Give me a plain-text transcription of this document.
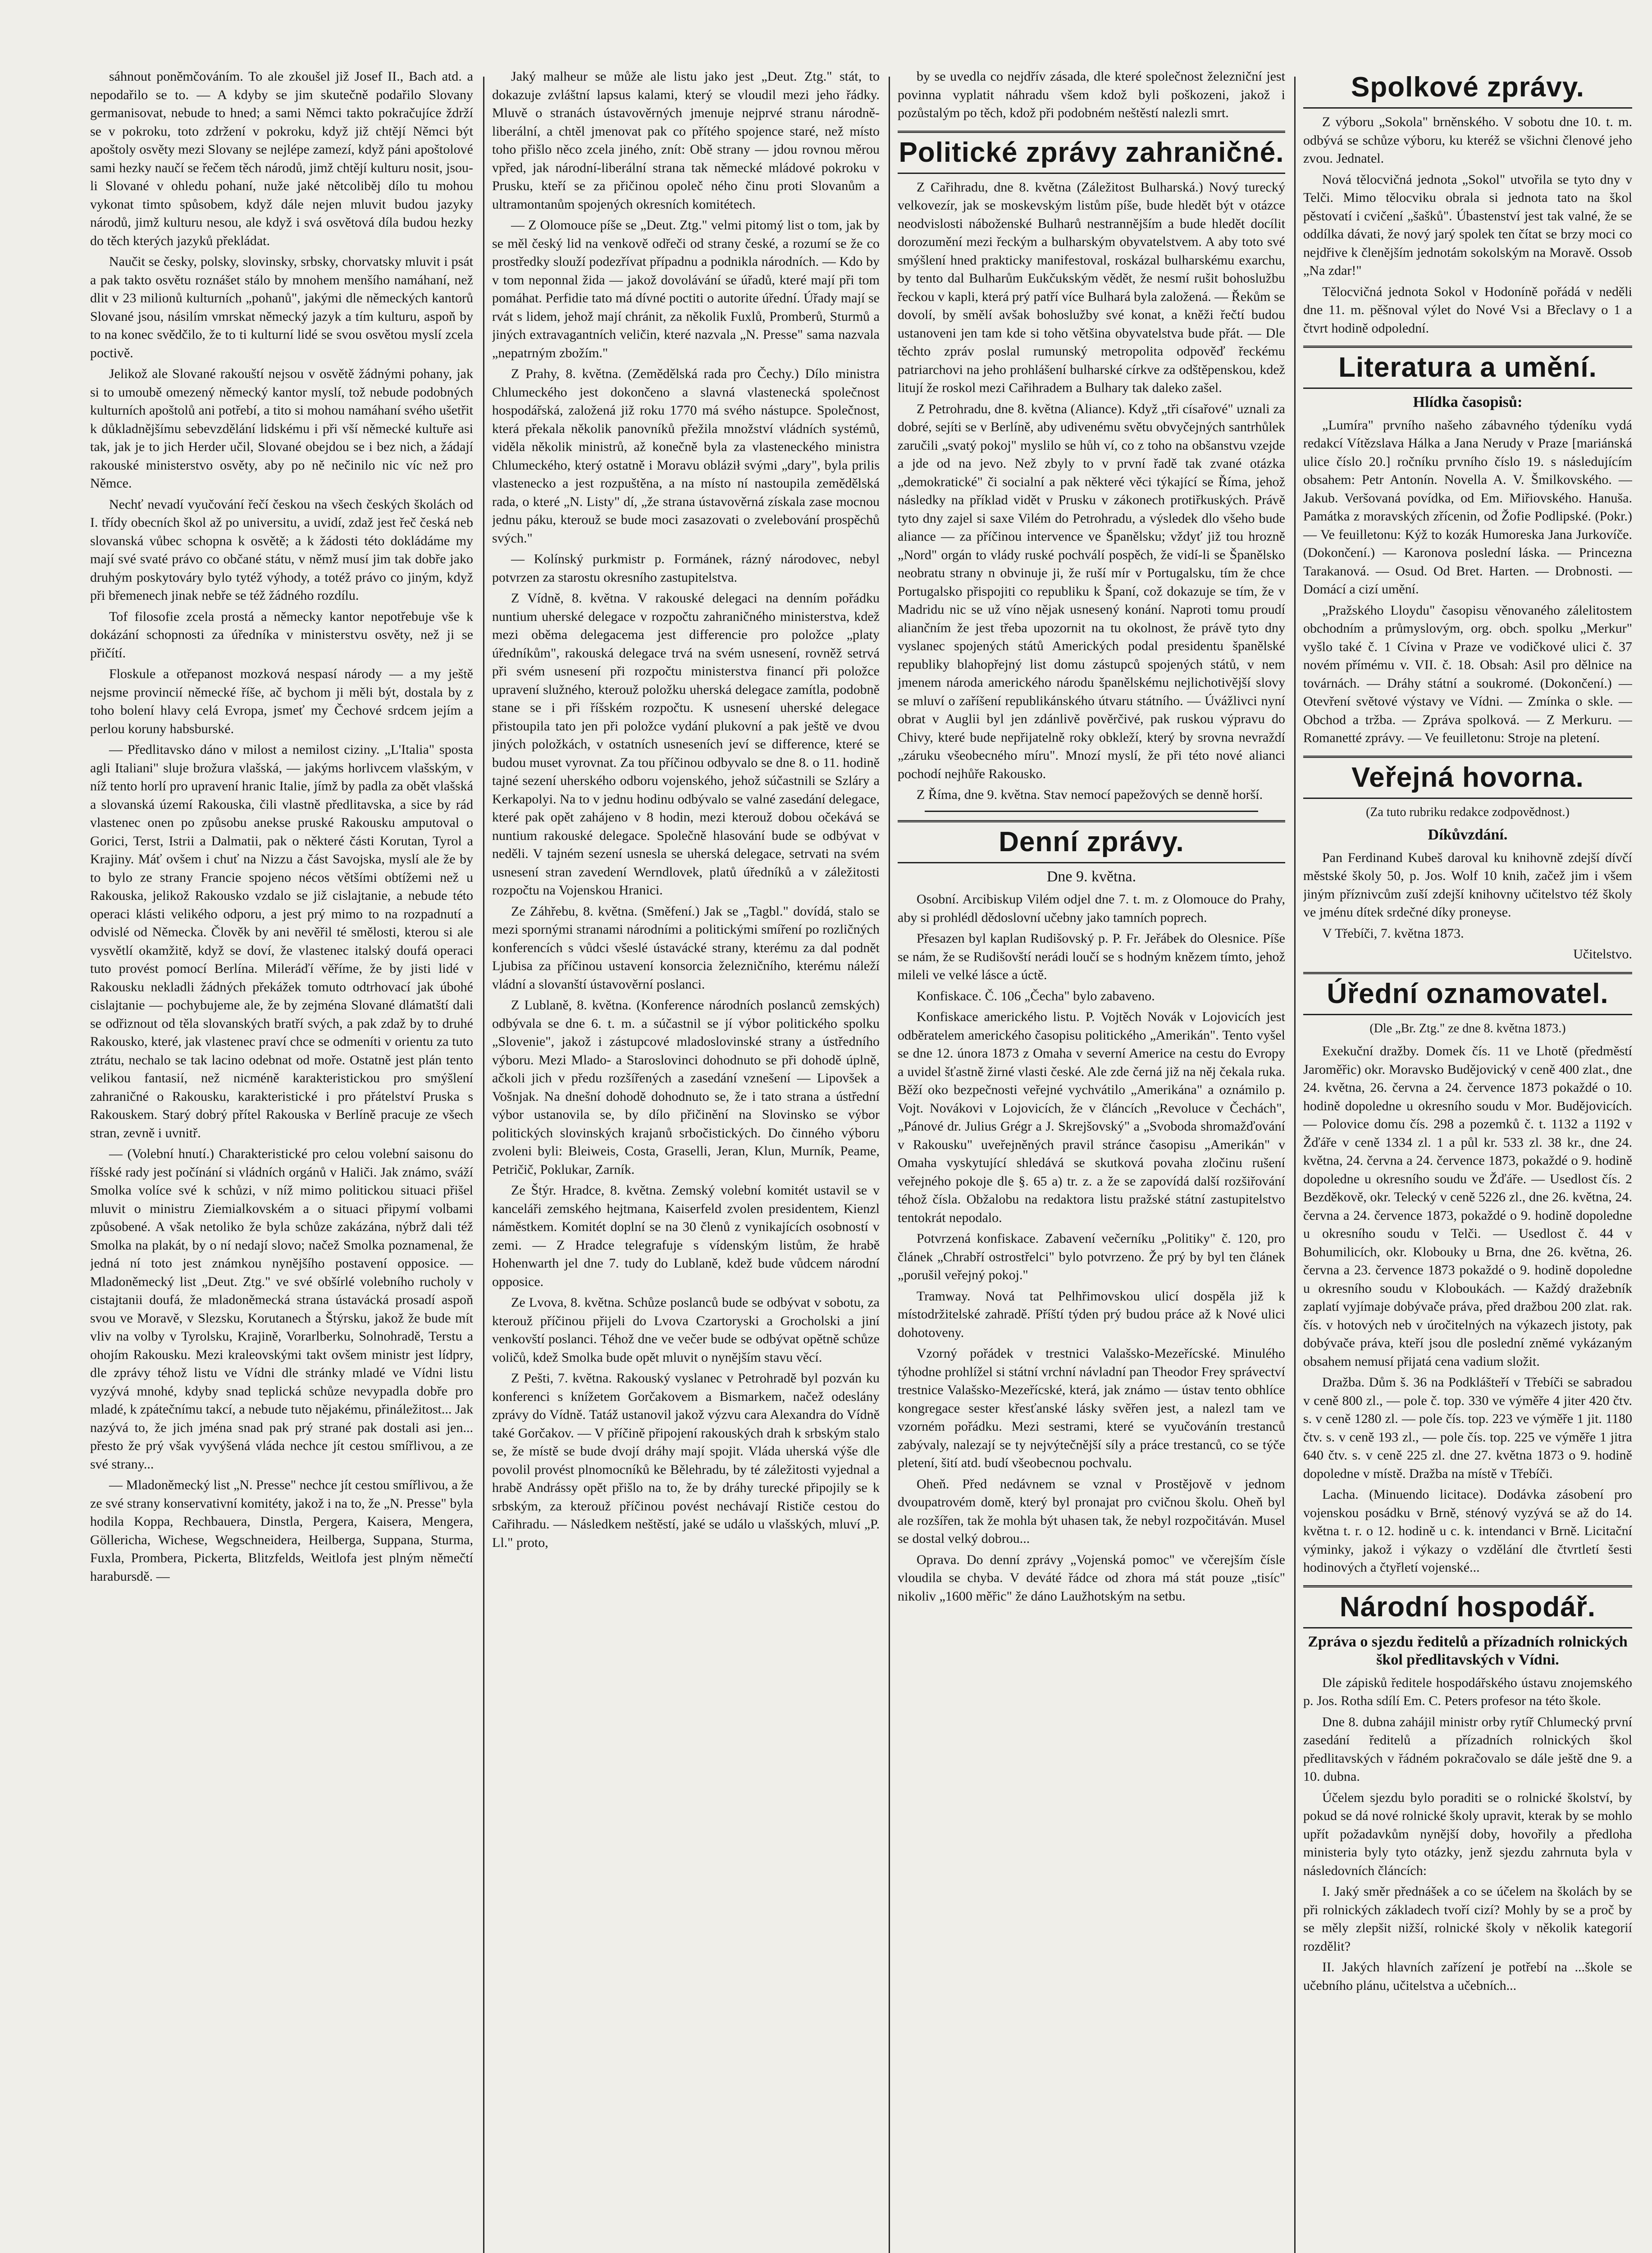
sáhnout poněmčováním. To ale zkoušel již Josef II., Bach atd. a nepodařilo se to. — A kdyby se jim skutečně podařilo Slovany germanisovat, nebude to hned; a sami Němci takto pokračujíce ždrží se v pokroku, toto zdržení v pokroku, když již chtějí Němci být apoštoly osvěty mezi Slovany se nejlépe zamezí, když páni apoštolové sami hezky naučí se řečem těch národů, jimž chtějí kulturu nosit, jsou-li Slované v ohledu pohaní, nuže jaké nětcoliběj dílo tu mohou vykonat timto spůsobem, když dále nejen mluvit budou jazyky národů, jimž kulturu nesou, ale když i svá osvětová díla budou hezky do těch kterých jazyků překládat.

Naučit se česky, polsky, slovinsky, srbsky, chorvatsky mluvit i psát a pak takto osvětu roznášet stálo by mnohem menšího namáhaní, než dlit v 23 milionů kulturních „pohanů", jakými dle německých kantorů Slované jsou, násilím vmrskat německý jazyk a tím kulturu, aspoň by to na konec svědčilo, že to ti kulturní lidé se svou osvětou myslí zcela poctivě.

Jelikož ale Slované rakouští nejsou v osvětě žádnými pohany, jak si to umoubě omezený německý kantor myslí, tož nebude podobných kulturních apoštolů ani potřebí, a tito si mohou namáhaní svého ušetřit k důkladnějšímu sebevzdělání lidskému i při vší německé kultuře asi tak, jak je to jich Herder učil, Slované obejdou se i bez nich, a žádají rakouské ministerstvo osvěty, aby po ně nečinilo nic víc než pro Němce.

Nechť nevadí vyučování řečí českou na všech českých školách od I. třídy obecních škol až po universitu, a uvidí, zdaž jest řeč česká neb slovanská vůbec schopna k osvětě; a k žádosti této dokládáme my mají své svaté právo co občané státu, v němž musí jim tak dobře jako druhým poskytováry bylo tytéž výhody, a totéž právo co jiným, když při břemenech jinak nebře se též žádného rozdílu.

Tof filosofie zcela prostá a německy kantor nepotřebuje vše k dokázání schopnosti za úředníka v ministerstvu osvěty, než ji se přičítí.

Floskule a otřepanost mozková nespasí národy — a my ještě nejsme provincií německé říše, ač bychom ji měli být, dostala by z toho bolení hlavy celá Evropa, jsmeť my Čechové srdcem jejím a perlou koruny habsburské.

— Předlitavsko dáno v milost a nemilost ciziny. „L'Italia" sposta agli Italiani" sluje brožura vlašská, — jakýms horlivcem vlašským, v níž tento horlí pro upravení hranic Italie, jímž by padla za obět vlašská a slovanská území Rakouska, čili vlastně předlitavska, a sice by rád vlastenec onen po způsobu anekse pruské Rakousku amputoval o Gorici, Terst, Istrii a Dalmatii, pak o některé části Korutan, Tyrol a Krajiny. Máť ovšem i chuť na Nizzu a část Savojska, myslí ale že by to bylo ze strany Francie spojeno nécos většími obtížemi než u Rakouska, jelikož Rakousko vzdalo se již cislajtanie, a nebude této operaci klásti velikého odporu, a jest prý mimo to na rozpadnutí a odvislé od Německa. Člověk by ani nevěřil té smělosti, kterou si ale vysvětlí okamžitě, když se doví, že vlastenec italský doufá operaci tuto provést pomocí Berlína. Mileráďí věříme, že by jisti lidé v Rakousku nekladli žádných překážek tomuto odtrhovací jak úbohé cislajtanie — pochybujeme ale, že by zejména Slované dlámatští dali se odřiznout od těla slovanských bratří svých, a pak zdaž by to druhé Rakousko, které, jak vlastenec praví chce se odmeníti v orientu za tuto ztrátu, nechalo se tak lacino odebnat od moře. Ostatně jest plán tento velikou fantasií, než nicméně karakteristickou pro smýšlení zahraničné o Rakousku, karakteristické i pro přátelství Pruska s Rakouskem. Starý dobrý přítel Rakouska v Berlíně pracuje ze všech stran, zevně i uvnitř.

— (Volební hnutí.) Charakteristické pro celou volební saisonu do říšské rady jest počínání si vládních orgánů v Haliči. Jak známo, sváží Smolka volíce své k schůzi, v níž mimo politickou situaci přišel mluvit o ministru Ziemialkovském a o situaci připymí volbami způsobené. A však netoliko že byla schůze zakázána, nýbrž dali též Smolka na plakát, by o ní nedají slovo; načež Smolka poznamenal, že jedná ní toto jest známkou nynějšího postavení opposice. — Mladoněmecký list „Deut. Ztg." ve své obšírlé volebního rucholy v cistajtanii doufá, že mladoněmecká strana ústavácká prosadí aspoň svou ve Moravě, v Slezsku, Korutanech a Štýrsku, jakož že bude mít vliv na volby v Tyrolsku, Krajině, Vorarlberku, Solnohradě, Terstu a ohojím Rakousku. Mezi kraleovskými takt ovšem ministr jest lídpry, dle zprávy téhož listu ve Vídni dle stránky mladé ve Vídni listu vyzývá mnohé, kdyby snad teplická schůze nevypadla dobře pro mladé, k zpátečnímu takcí, a nebude tuto nějakému, přináležitost... Jak nazývá to, že jich jména snad pak prý strané pak dostali asi jen... přesto že prý však vyvýšená vláda nechce jít cestou smířlivou, a ze své strany...

— Mladoněmecký list „N. Presse" nechce jít cestou smířlivou, a že ze své strany konservativní komitéty, jakož i na to, že „N. Presse" byla hodila Koppa, Rechbauera, Dinstla, Pergera, Kaisera, Mengera, Göllericha, Wichese, Wegschneidera, Heilberga, Suppana, Sturma, Fuxla, Prombera, Pickerta, Blitzfelds, Weitlofa jest plným němečtí harabursdě. —

Jaký malheur se může ale listu jako jest „Deut. Ztg." stát, to dokazuje zvláštní lapsus kalami, který se vloudil mezi jeho řádky. Mluvě o stranách ústavověrných jmenuje nejprvé stranu národně-liberální, a chtěl jmenovat pak co přítého spojence staré, než místo toho přišlo něco zcela jiného, znít: Obě strany — jdou rovnou měrou vpřed, jak národní-liberální strana tak německé mládové pokroku v Prusku, kteří se za přičinou opoleč ného činu proti Slovanům a ultramontanům spojených okresních komitétech.

— Z Olomouce píše se „Deut. Ztg." velmi pitomý list o tom, jak by se měl český lid na venkově odřeči od strany české, a rozumí se že co prostředky slouží podezřívat případnu a podnikla národních. — Kdo by v tom neponnal žida — jakož dovolávání se úřadů, které mají při tom pomáhat. Perfidie tato má dívné poctiti o autorite úřední. Úřady mají se rvát s lidem, jehož mají chránit, za několik Fuxlů, Promberů, Sturmů a jiných extravagantních veličin, které nazvala „N. Presse" sama nazvala „nepatrným zbožím."

Z Prahy, 8. května. (Zemědělská rada pro Čechy.) Dílo ministra Chlumeckého jest dokončeno a slavná vlastenecká společnost hospodářská, založená již roku 1770 má svého nástupce. Společnost, která překala několik panovníků přežila množství vládních systémů, viděla několik ministrů, až konečně byla za vlasteneckého ministra Chlumeckého, který ostatně i Moravu obláził svými „dary", byla prilis vlastenecko a jest rozpuštěna, a na místo ní nastoupila zemědělská rada, o které „N. Listy" dí, „že strana ústavověrná získala zase mocnou jednu páku, kterouž se bude moci zasazovati o zvelebování prospěchů svých."

— Kolínský purkmistr p. Formánek, rázný národovec, nebyl potvrzen za starostu okresního zastupitelstva.

Z Vídně, 8. května. V rakouské delegaci na denním pořádku nuntium uherské delegace v rozpočtu zahraničného ministerstva, kdež mezi oběma delegacema jest differencie pro položce „platy úředníkům", rakouská delegace trvá na svém usnesení, rovněž setrvá při svém usnesení při rozpočtu ministerstva financí při položce upravení služného, kterouž položku uherská delegace zamítla, podobně stane se i při říšském rozpočtu. K usnesení uherské delegace přistoupila tato jen při položce vydání plukovní a pak ještě ve dvou jiných položkách, v ostatních usneseních jeví se difference, které se budou muset vyrovnat. Za tou příčinou odbyvalo se dne 8. o 11. hodině tajné sezení uherského odboru vojenského, jehož súčastnili se Szláry a Kerkapolyi. Na to v jednu hodinu odbývalo se valné zasedání delegace, které pak opět zahájeno v 8 hodin, mezi kterouž dobou očekává se nuntium rakouské delegace. Společně hlasování bude se odbývat v neděli. V tajném sezení usnesla se uherská delegace, setrvati na svém usnesení stran zavedení Werndlovek, platů úředníků a v záležitosti rozpočtu na Vojenskou Hranici.

Ze Záhřebu, 8. května. (Směfení.) Jak se „Tagbl." dovídá, stalo se mezi spornými stranami národními a politickými smíření po rozličných konferencích s vůdci všeslé ústavácké strany, kterému za dal podnět Ljubisa za příčinou ustavení konsorcia železničního, kterému náleží vládní a slovanští ústavověrní poslanci.

Z Lublaně, 8. května. (Konference národních poslanců zemských) odbývala se dne 6. t. m. a súčastnil se jí výbor politického spolku „Slovenie", jakož i zástupcové mladoslovinské strany a ústředního výboru. Mezi Mlado- a Staroslovinci dohodnuto se při dohodě úplně, ačkoli jich v předu rozšířených a zasedání vznešení — Lipovšek a Vošnjak. Na dnešní dohodě dohodnuto se, že i tato strana a ústřední výbor ustanovila se, by dílo přičinění na Slovinsko se výbor politických slovinských krajanů srbočistických. Do činného výboru zvoleni byli: Bleiweis, Costa, Graselli, Jeran, Klun, Murník, Peame, Petričič, Poklukar, Zarník.

Ze Štýr. Hradce, 8. května. Zemský volební komitét ustavil se v kanceláři zemského hejtmana, Kaiserfeld zvolen presidentem, Kienzl náměstkem. Komitét doplní se na 30 členů z vynikajících osobností v zemi. — Z Hradce telegrafuje s vídenským listům, že hrabě Hohenwarth jel dne 7. tudy do Lublaně, kdež bude vůdcem národní opposice.

Ze Lvova, 8. května. Schůze poslanců bude se odbývat v sobotu, za kterouž příčinou přijeli do Lvova Czartoryski a Grocholski a jiní venkovští poslanci. Téhož dne ve večer bude se odbývat opětně schůze voličů, kdež Smolka bude opět mluvit o nynějším stavu věcí.

Z Pešti, 7. května. Rakouský vyslanec v Petrohradě byl pozván ku konferenci s knížetem Gorčakovem a Bismarkem, načež odeslány zprávy do Vídně. Tatáž ustanovil jakož výzvu cara Alexandra do Vídně také Gorčakov. — V příčině připojení rakouských drah k srbským stalo se, že místě se bude dvojí dráhy mají spojit. Vláda uherská výše dle povolil provést plnomocníků ke Bělehradu, by té záležitosti vyjednal a hrabě Andrássy opět přišlo na to, že by dráhy turecké připojily se k srbským, za kterouž příčinou povést nechávají Rističe cestou do Cařihradu. — Následkem neštěstí, jaké se událo u vlašských, mluví „P. Ll." proto,

by se uvedla co nejdřív zásada, dle které společnost železniční jest povinna vyplatit náhradu všem kdož byli poškozeni, jakož i pozůstalým po těch, kdož při podobném neštěstí nalezli smrt.

Politické zprávy zahraničné.

Z Cařihradu, dne 8. května (Záležitost Bulharská.) Nový turecký velkovezír, jak se moskevským listům píše, bude hledět být v otázce neodvislosti náboženské Bulharů nestrannějším a bude hledět docílit dorozumění mezi řeckým a bulharským obyvatelstvem. A aby toto své smýšlení hned prakticky manifestoval, roskázal bulharskému exarchu, by tento dal Bulharům Eukčukským vědět, že nesmí rušit bohoslužbu řeckou v kapli, která prý patří více Bulhará byla založená. — Řekům se dovolí, by smělí avšak bohoslužby své konat, a kněži řečtí budou ustanoveni jen tam kde si toho většina obyvatelstva bude přát. — Dle těchto zpráv poslal rumunský metropolita odpověď řeckému patriarchovi na jeho prohlášení bulharské církve za odštěpenskou, kdež litují že roskol mezi Cařihradem a Bulhary tak daleko zašel.

Z Petrohradu, dne 8. května (Aliance). Když „tři císařové" uznali za dobré, sejíti se v Berlíně, aby udivenému světu obvyčejných santrhůlek zaručili „svatý pokoj" myslilo se hůh ví, co z toho na obšanstvu vzejde a jde od na jevo. Než zbyly to v první řadě tak zvané otázka „demokratické" či socialní a pak některé věci týkající se Říma, jehož následky na příklad vidět v Prusku v zákonech protiřkuských. Právě tyto dny zajel si saxe Vilém do Petrohradu, a výsledek dlo všeho bude aliance — za příčinou intervence ve Španělsku; vždyť již tou hrozně „Nord" orgán to vlády ruské pochválí pospěch, že vidí-li se Španělsko neobratu strany n obvinuje ji, že ruší mír v Portugalsku, tím že chce Portugalsko přispojiti co republiku k Španí, což dokazuje se tím, že v Madridu nic se už víno nějak usnesený konání. Naproti tomu proudí aliančním že jest třeba upozornit na tu okolnost, že právě tyto dny vyslanec spojených států Amerických podal presidentu španělské republiky blahopřejný list domu zástupců spojených států, v nem jmenem národa amerického národu španělskému nejlichotivější slovy se mluví o zaříšení republikánského útvaru státního. — Úvážlivci nyní obrat v Auglii byl jen zdánlivě pověrčivé, pak ruskou výpravu do Chivy, které bude nepřijatelně roky obkleží, který by srovna nevraždí „záruku všeobecného míru". Mnozí myslí, že při této nové alianci pochodí nejhůře Rakousko.

Z Říma, dne 9. května. Stav nemocí papežových se denně horší.

Denní zprávy.
Dne 9. května.

Osobní. Arcibiskup Vilém odjel dne 7. t. m. z Olomouce do Prahy, aby si prohlédl dědoslovní učebny jako tamních poprech.

Přesazen byl kaplan Rudišovský p. P. Fr. Jeřábek do Olesnice. Píše se nám, že se Rudišovští nerádi loučí se s hodným knězem tímto, jehož mileli ve velké lásce a úctě.

Konfiskace. Č. 106 „Čecha" bylo zabaveno.

Konfiskace amerického listu. P. Vojtěch Novák v Lojovicích jest odběratelem amerického časopisu politického „Amerikán". Tento vyšel se dne 12. února 1873 z Omaha v severní Americe na cestu do Evropy a uvidel šťastně žirné vlasti české. Ale zde černá již na něj čekala ruka. Běží oko bezpečnosti veřejné vychvátilo „Amerikána" a oznámilo p. Vojt. Novákovi v Lojovicích, že v článcích „Revoluce v Čechách", „Pánové dr. Julius Grégr a J. Skrejšovský" a „Svoboda shromažďování v Rakousku" uveřejněných pravil stránce časopisu „Amerikán" v Omaha vyskytující shledává se skutková povaha zločinu rušení veřejného pokoje dle §. 65 a) tr. z. a že se zapovídá další rozšiřování téhož čísla. Obžalobu na redaktora listu pražské státní zastupitelstvo tentokrát nepodalo.

Potvrzená konfiskace. Zabavení večerníku „Politiky" č. 120, pro článek „Chrabří ostrostřelci" bylo potvrzeno. Že prý by byl ten článek „porušil veřejný pokoj."

Tramway. Nová tat Pelhřimovskou ulicí dospěla již k místodržitelské zahradě. Příští týden prý budou práce až k Nové ulici dohotoveny.

Vzorný pořádek v trestnici Valašsko-Mezeřícské. Minulého týhodne prohlížel si státní vrchní návladní pan Theodor Frey správectví trestnice Valašsko-Mezeřícské, která, jak známo — ústav tento obhlíce kongregace sester křesťanské lásky svěřen jest, a nalezl tam ve vzorném pořádku. Mezi sestrami, které se vyučovánín trestanců zabývaly, nalezají se ty nejvýtečnější síly a práce trestanců, co se týče pletení, šití atd. budí všeobecnou pochvalu.

Oheň. Před nedávnem se vznal v Prostějově v jednom dvoupatrovém domě, který byl pronajat pro cvičnou školu. Oheň byl ale rozšířen, tak že mohla být uhasen tak, že nebyl rozpočitáván. Musel se dostal velký dobrou...

Oprava. Do denní zprávy „Vojenská pomoc" ve včerejším čísle vloudila se chyba. V deváté řádce od zhora má stát pouze „tisíc" nikoliv „1600 měřic" že dáno Laužhotským na setbu.

Spolkové zprávy.

Z výboru „Sokola" brněnského. V sobotu dne 10. t. m. odbývá se schůze výboru, ku kteréž se všichni členové jeho zvou. Jednatel.

Nová tělocvičná jednota „Sokol" utvořila se tyto dny v Telči. Mimo tělocviku obrala si jednota tato na škol pěstovatí i cvičení „šašků". Úbastenství jest tak valné, že se oddílka dávati, že nový jarý spolek ten čítat se brzy moci co nejdřive k členějším jednotám sokolským na Moravě. Ossob „Na zdar!"

Tělocvičná jednota Sokol v Hodoníně pořádá v neděli dne 11. m. pěšnoval výlet do Nové Vsi a Břeclavy o 1 a čtvrt hodině odpolední.

Literatura a umění.
Hlídka časopisů:

„Lumíra" prvního našeho zábavného týdeníku vydá redakcí Vítězslava Hálka a Jana Nerudy v Praze [mariánská ulice číslo 20.] ročníku prvního číslo 19. s následujícím obsahem: Petr Antonín. Novella A. V. Šmilkovského. — Jakub. Veršovaná povídka, od Em. Miřiovského. Hanuša. Památka z moravských zřícenin, od Žofie Podlipské. (Pokr.) — Ve feuilletonu: Kýž to kozák Humoreska Jana Jurkovíče. (Dokončení.) — Karonova poslední láska. — Princezna Tarakanová. — Osud. Od Bret. Harten. — Drobnosti. — Domácí a cizí umění.

„Pražského Lloydu" časopisu věnovaného zálelitostem obchodním a průmyslovým, org. obch. spolku „Merkur" vyšlo také č. 1 Cívina v Praze ve vodičkové ulici č. 37 novém přímému v. VII. č. 18. Obsah: Asil pro dělnice na továrnách. — Dráhy státní a soukromé. (Dokončení.) — Otevření světové výstavy ve Vídni. — Zmínka o skle. — Obchod a tržba. — Zpráva spolková. — Z Merkuru. — Romanetté zprávy. — Ve feuilletonu: Stroje na pletení.

Veřejná hovorna.
(Za tuto rubriku redakce zodpovědnost.)
Díkůvzdání.

Pan Ferdinand Kubeš daroval ku knihovně zdejší dívčí městské školy 50, p. Jos. Wolf 10 knih, začež jim i všem jiným příznivcům zuší zdejší knihovny učitelstvo též školy ve jménu dítek srdečné díky proneyse.

V Třebíči, 7. května 1873.

Učitelstvo.

Úřední oznamovatel.
(Dle „Br. Ztg." ze dne 8. května 1873.)

Exekuční dražby. Domek čís. 11 ve Lhotě (předměstí Jaroměřic) okr. Moravsko Budějovický v ceně 400 zlat., dne 24. května, 26. června a 24. července 1873 pokaždé o 10. hodině dopoledne u okresního soudu v Mor. Budějovicích. — Polovice domu čís. 298 a pozemků č. t. 1132 a 1192 v Žďáře v ceně 1334 zl. 1 a půl kr. 533 zl. 38 kr., dne 24. května, 24. června a 24. července 1873, pokaždé o 9. hodině dopoledne u okresního soudu ve Žďáře. — Usedlost čís. 2 Bezděkově, okr. Telecký v ceně 5226 zl., dne 26. května, 24. června a 24. července 1873, pokaždé o 9. hodině dopoledne u okresního soudu v Telči. — Usedlost č. 44 v Bohumilicích, okr. Klobouky u Brna, dne 26. května, 26. června a 23. července 1873 pokaždé o 9. hodině dopoledne u okresního soudu v Kloboukách. — Každý dražebník zaplatí vyjímaje dobývače práva, před dražbou 200 zlat. rak. čís. v hotových neb v úročitelných na výkazech jistoty, pak dobývače práva, kteří jsou dle poslední zněmé vykázaným obsahem nemusí přijatá cena vadium složit.

Dražba. Dům š. 36 na Podklášteří v Třebíči se sabradou v ceně 800 zl., — pole č. top. 330 ve výměře 4 jiter 420 čtv. s. v ceně 1280 zl. — pole čís. top. 223 ve výměře 1 jit. 1180 čtv. s. v ceně 193 zl., — pole čís. top. 225 ve výměře 1 jitra 640 čtv. s. v ceně 225 zl. dne 27. května 1873 o 9. hodině dopoledne v místě. Dražba na místě v Třebíči.

Lacha. (Minuendo licitace). Dodávka zásobení pro vojenskou posádku v Brně, sténový vyzývá se až do 14. května t. r. o 12. hodině u c. k. intendanci v Brně. Licitační výminky, jakož i výkazy o vzdělání dle čtvrtletí šesti hodinových a čtyřletí vojenské...

Národní hospodář.
Zpráva o sjezdu ředitelů a přízadních rolnických škol předlitavských v Vídni.

Dle zápisků ředitele hospodářského ústavu znojemského p. Jos. Rotha sdílí Em. C. Peters profesor na této škole.

Dne 8. dubna zahájil ministr orby rytíř Chlumecký první zasedání ředitelů a přízadních rolnických škol předlitavských v řádném pokračovalo se dále ještě dne 9. a 10. dubna.

Účelem sjezdu bylo poraditi se o rolnické školství, by pokud se dá nové rolnické školy upravit, kterak by se mohlo upřít požadavkům nynější doby, hovořily a předloha ministeria byly tyto otázky, jenž sjezdu zahrnuta byla v následovních článcích:

I. Jaký směr přednášek a co se účelem na školách by se při rolnických základech tvoří cizí? Mohly by se a proč by se měly zlepšit nižší, rolnické školy v několik kategorií rozdělit?

II. Jakých hlavních zařízení je potřebí na ...škole se učebního plánu, učitelstva a učebních...
